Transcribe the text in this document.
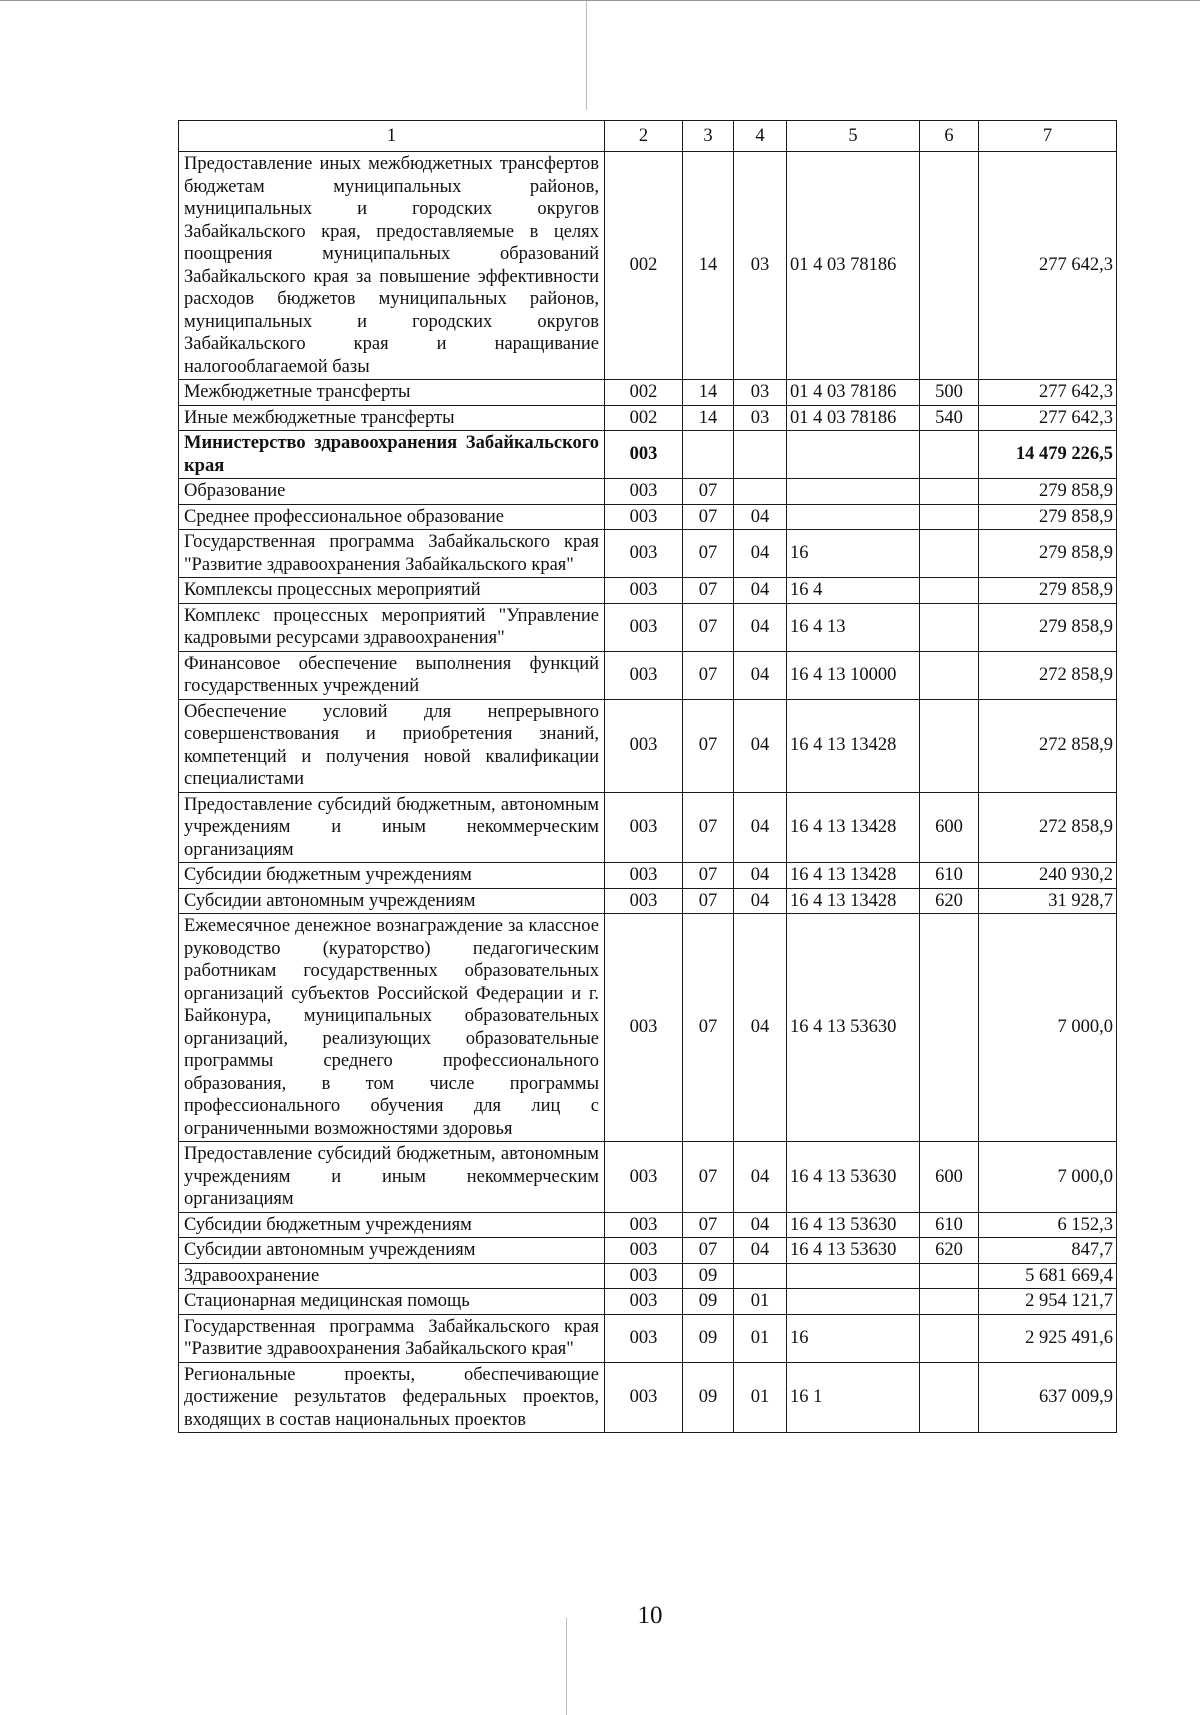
1	2	3	4	5	6	7
Предоставление иных межбюджетных трансфертов бюджетам муниципальных районов, муниципальных и городских округов Забайкальского края, предоставляемые в целях поощрения муниципальных образований Забайкальского края за повышение эффективности расходов бюджетов муниципальных районов, муниципальных и городских округов Забайкальского края и наращивание налогооблагаемой базы	002	14	03	01 4 03 78186		277 642,3
Межбюджетные трансферты	002	14	03	01 4 03 78186	500	277 642,3
Иные межбюджетные трансферты	002	14	03	01 4 03 78186	540	277 642,3
Министерство здравоохранения Забайкальского края	003					14 479 226,5
Образование	003	07				279 858,9
Среднее профессиональное образование	003	07	04			279 858,9
Государственная программа Забайкальского края "Развитие здравоохранения Забайкальского края"	003	07	04	16		279 858,9
Комплексы процессных мероприятий	003	07	04	16 4		279 858,9
Комплекс процессных мероприятий "Управление кадровыми ресурсами здравоохранения"	003	07	04	16 4 13		279 858,9
Финансовое обеспечение выполнения функций государственных учреждений	003	07	04	16 4 13 10000		272 858,9
Обеспечение условий для непрерывного совершенствования и приобретения знаний, компетенций и получения новой квалификации специалистами	003	07	04	16 4 13 13428		272 858,9
Предоставление субсидий бюджетным, автономным учреждениям и иным некоммерческим организациям	003	07	04	16 4 13 13428	600	272 858,9
Субсидии бюджетным учреждениям	003	07	04	16 4 13 13428	610	240 930,2
Субсидии автономным учреждениям	003	07	04	16 4 13 13428	620	31 928,7
Ежемесячное денежное вознаграждение за классное руководство (кураторство) педагогическим работникам государственных образовательных организаций субъектов Российской Федерации и г. Байконура, муниципальных образовательных организаций, реализующих образовательные программы среднего профессионального образования, в том числе программы профессионального обучения для лиц с ограниченными возможностями здоровья	003	07	04	16 4 13 53630		7 000,0
Предоставление субсидий бюджетным, автономным учреждениям и иным некоммерческим организациям	003	07	04	16 4 13 53630	600	7 000,0
Субсидии бюджетным учреждениям	003	07	04	16 4 13 53630	610	6 152,3
Субсидии автономным учреждениям	003	07	04	16 4 13 53630	620	847,7
Здравоохранение	003	09				5 681 669,4
Стационарная медицинская помощь	003	09	01			2 954 121,7
Государственная программа Забайкальского края "Развитие здравоохранения Забайкальского края"	003	09	01	16		2 925 491,6
Региональные проекты, обеспечивающие достижение результатов федеральных проектов, входящих в состав национальных проектов	003	09	01	16 1		637 009,9
10
